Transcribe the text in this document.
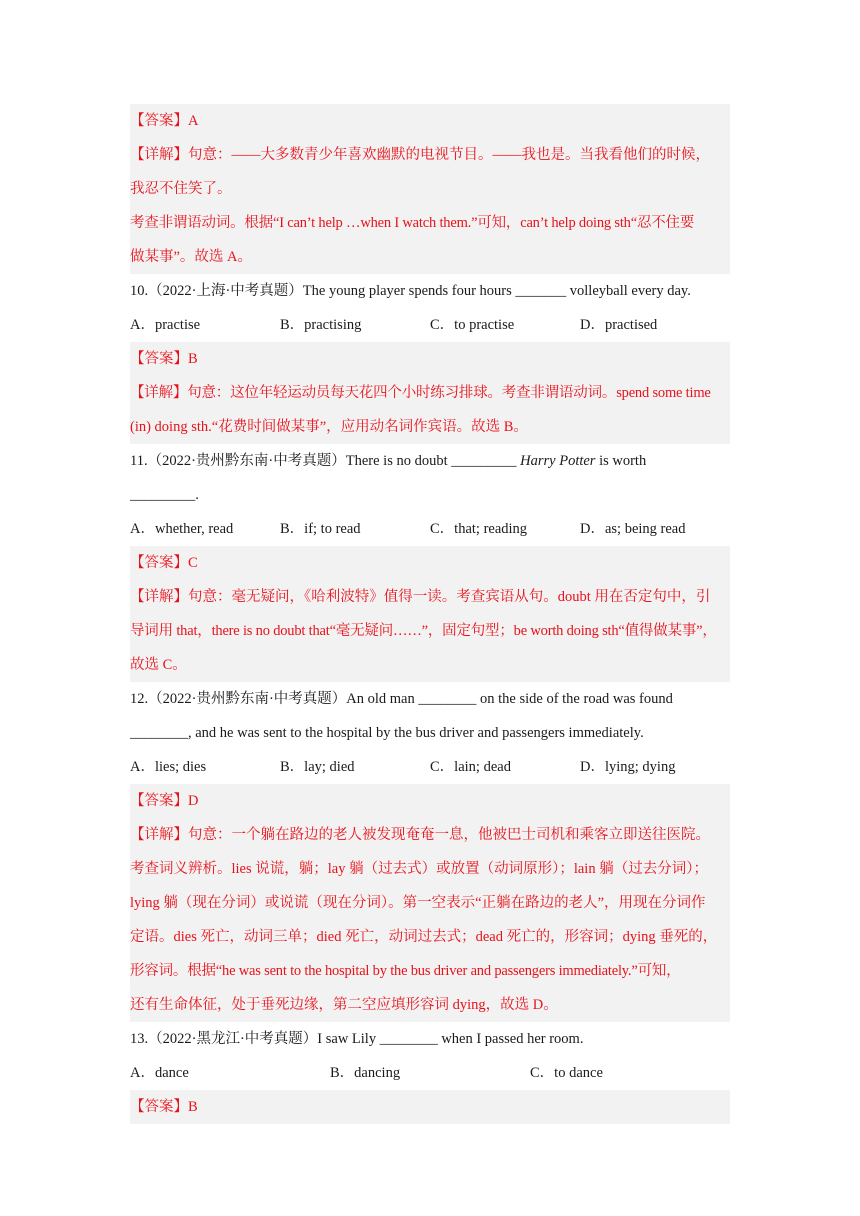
【答案】A
【详解】句意：——大多数青少年喜欢幽默的电视节目。——我也是。当我看他们的时候，
我忍不住笑了。
考查非谓语动词。根据“I can’t help …when I watch them.”可知，can’t help doing sth“忍不住要
做某事”。故选 A。
10.（2022·上海·中考真题）The young player spends four hours _______ volleyball every day.
A．practise	B．practising	C．to practise	D．practised
【答案】B
【详解】句意：这位年轻运动员每天花四个小时练习排球。考查非谓语动词。spend some time
(in) doing sth.“花费时间做某事”，应用动名词作宾语。故选 B。
11.（2022·贵州黔东南·中考真题）There is no doubt _________ Harry Potter is worth
_________.
A．whether, read	B．if; to read	C．that; reading	D．as; being read
【答案】C
【详解】句意：毫无疑问，《哈利波特》值得一读。考查宾语从句。doubt 用在否定句中，引
导词用 that，there is no doubt that“毫无疑问……”，固定句型；be worth doing sth“值得做某事”，
故选 C。
12.（2022·贵州黔东南·中考真题）An old man ________ on the side of the road was found
________, and he was sent to the hospital by the bus driver and passengers immediately.
A．lies; dies	B．lay; died	C．lain; dead	D．lying; dying
【答案】D
【详解】句意：一个躺在路边的老人被发现奄奄一息，他被巴士司机和乘客立即送往医院。
考查词义辨析。lies 说谎，躺；lay 躺（过去式）或放置（动词原形）；lain 躺（过去分词）；
lying 躺（现在分词）或说谎（现在分词）。第一空表示“正躺在路边的老人”，用现在分词作
定语。dies 死亡，动词三单；died 死亡，动词过去式；dead 死亡的，形容词；dying 垂死的，
形容词。根据“he was sent to the hospital by the bus driver and passengers immediately.”可知，
还有生命体征，处于垂死边缘，第二空应填形容词 dying，故选 D。
13.（2022·黑龙江·中考真题）I saw Lily ________ when I passed her room.
A．dance	B．dancing	C．to dance
【答案】B
